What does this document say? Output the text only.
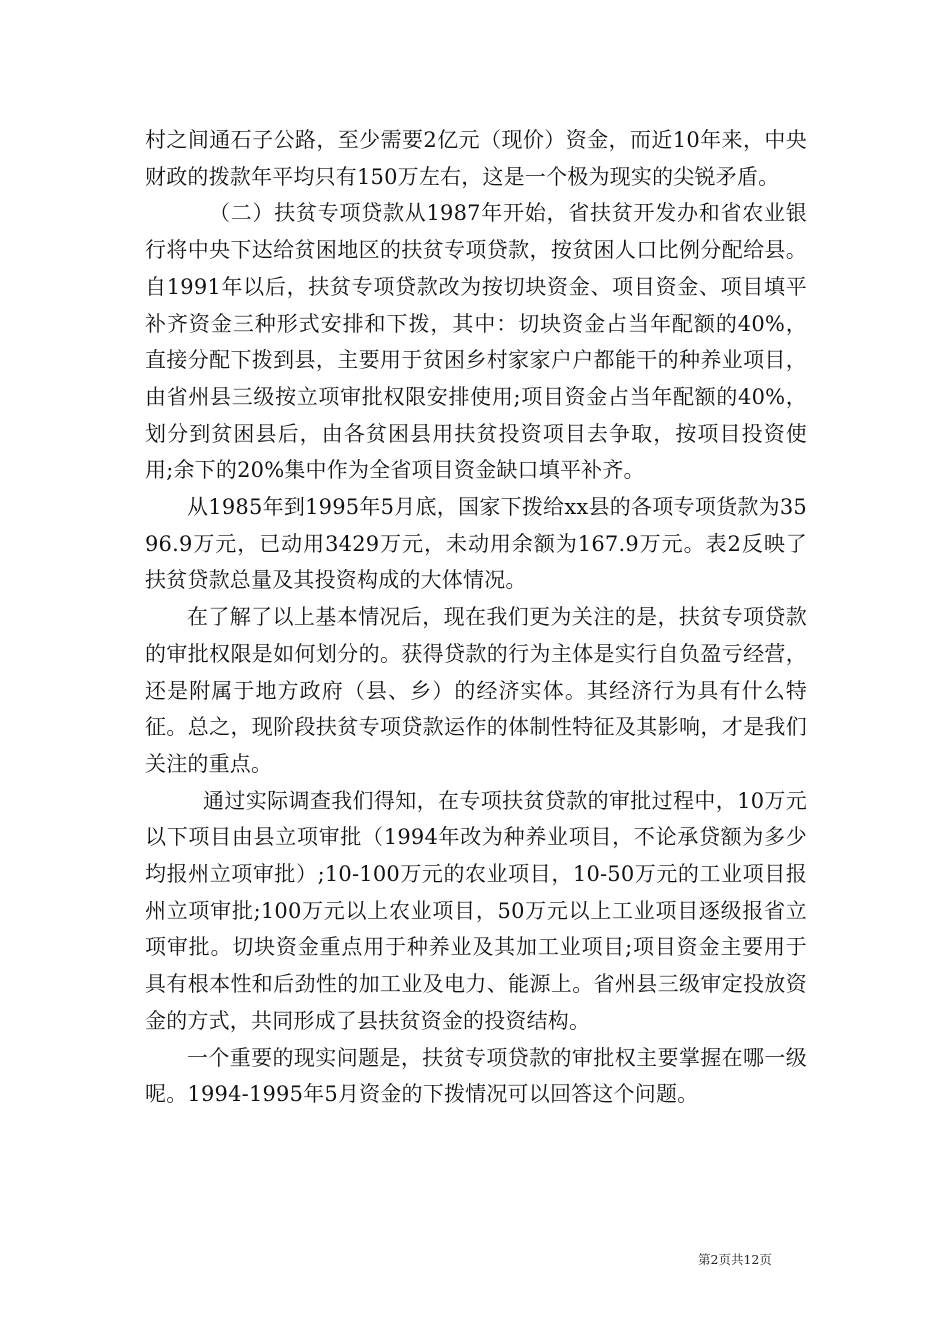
村之间通石子公路，至少需要2亿元（现价）资金，而近10年来，中央财政的拨款年平均只有150万左右，这是一个极为现实的尖锐矛盾。

（二）扶贫专项贷款从1987年开始，省扶贫开发办和省农业银行将中央下达给贫困地区的扶贫专项贷款，按贫困人口比例分配给县。自1991年以后，扶贫专项贷款改为按切块资金、项目资金、项目填平补齐资金三种形式安排和下拨，其中：切块资金占当年配额的40%，直接分配下拨到县，主要用于贫困乡村家家户户都能干的种养业项目，由省州县三级按立项审批权限安排使用;项目资金占当年配额的40%，划分到贫困县后，由各贫困县用扶贫投资项目去争取，按项目投资使用;余下的20%集中作为全省项目资金缺口填平补齐。

从1985年到1995年5月底，国家下拨给xx县的各项专项货款为3596.9万元，已动用3429万元，未动用余额为167.9万元。表2反映了扶贫贷款总量及其投资构成的大体情况。

在了解了以上基本情况后，现在我们更为关注的是，扶贫专项贷款的审批权限是如何划分的。获得贷款的行为主体是实行自负盈亏经营，还是附属于地方政府（县、乡）的经济实体。其经济行为具有什么特征。总之，现阶段扶贫专项贷款运作的体制性特征及其影响，才是我们关注的重点。

通过实际调查我们得知，在专项扶贫贷款的审批过程中，10万元以下项目由县立项审批（1994年改为种养业项目，不论承贷额为多少均报州立项审批）;10-100万元的农业项目，10-50万元的工业项目报州立项审批;100万元以上农业项目，50万元以上工业项目逐级报省立项审批。切块资金重点用于种养业及其加工业项目;项目资金主要用于具有根本性和后劲性的加工业及电力、能源上。省州县三级审定投放资金的方式，共同形成了县扶贫资金的投资结构。

一个重要的现实问题是，扶贫专项贷款的审批权主要掌握在哪一级呢。1994-1995年5月资金的下拨情况可以回答这个问题。

第2页共12页
